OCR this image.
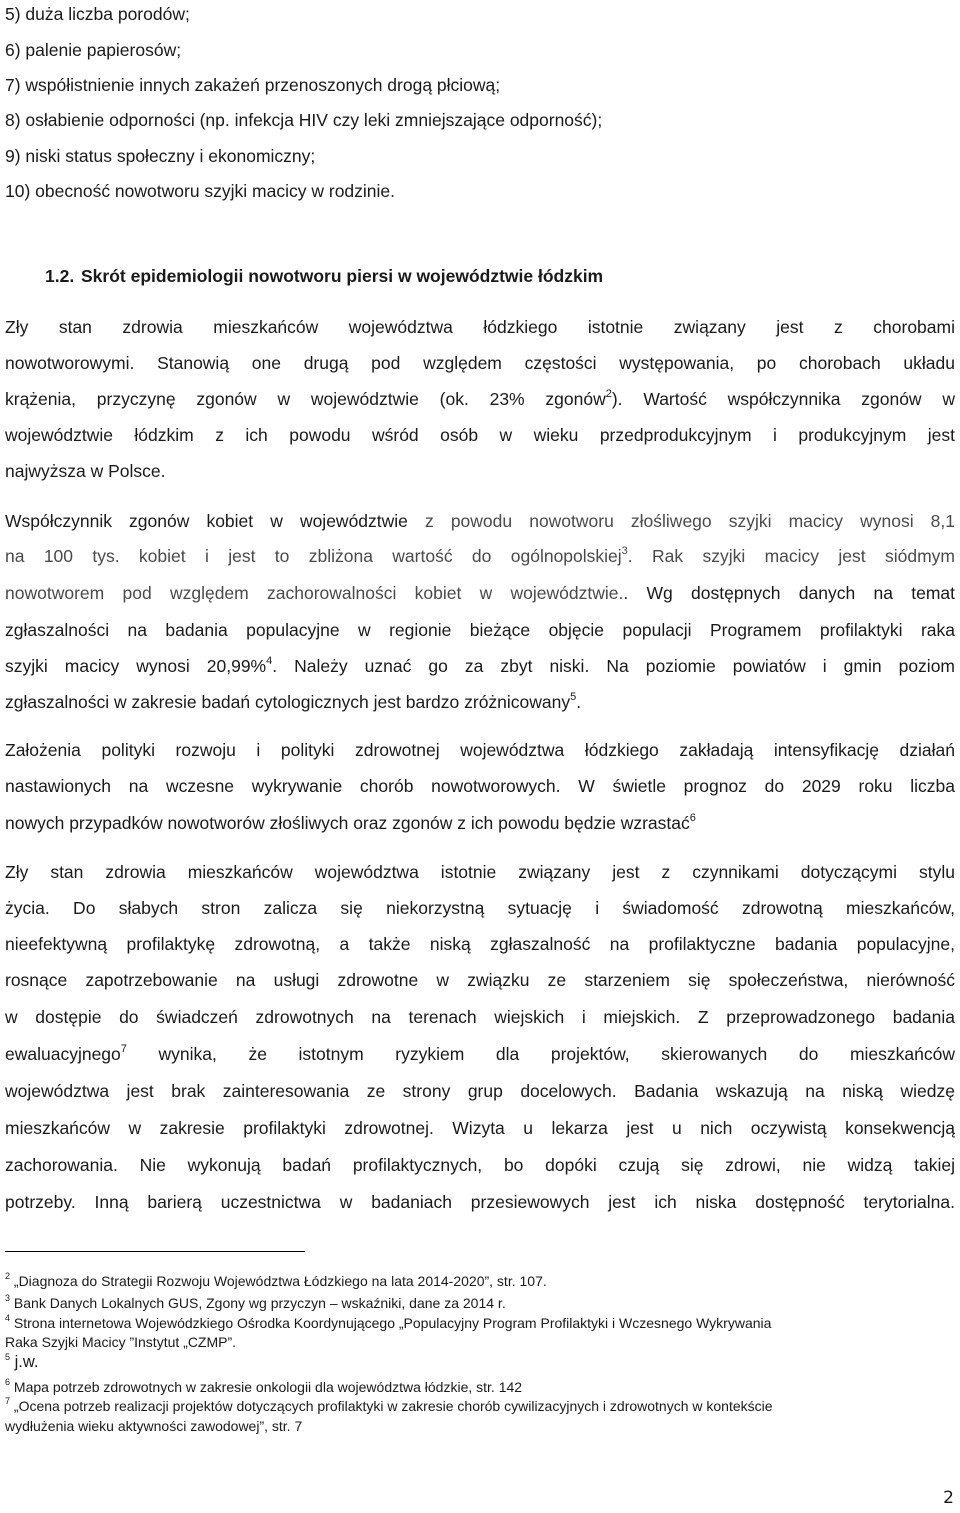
5) duża liczba porodów;
6) palenie papierosów;
7) współistnienie innych zakażeń przenoszonych drogą płciową;
8) osłabienie odporności (np. infekcja HIV czy leki zmniejszające odporność);
9) niski status społeczny i ekonomiczny;
10) obecność nowotworu szyjki macicy w rodzinie.
1.2. Skrót epidemiologii nowotworu piersi w województwie łódzkim
Zły stan zdrowia mieszkańców województwa łódzkiego istotnie związany jest z chorobami
nowotworowymi. Stanowią one drugą pod względem częstości występowania, po chorobach układu
krążenia, przyczynę zgonów w województwie (ok. 23% zgonów$^2$). Wartość współczynnika zgonów w
województwie łódzkim z ich powodu wśród osób w wieku przedprodukcyjnym i produkcyjnym jest
najwyższa w Polsce.
Współczynnik zgonów kobiet w województwie z powodu nowotworu złośliwego szyjki macicy wynosi 8,1
na 100 tys. kobiet i jest to zbliżona wartość do ogólnopolskiej$^3$. Rak szyjki macicy jest siódmym
nowotworem pod względem zachorowalności kobiet w województwie.. Wg dostępnych danych na temat
zgłaszalności na badania populacyjne w regionie bieżące objęcie populacji Programem profilaktyki raka
szyjki macicy wynosi 20,99%$^4$. Należy uznać go za zbyt niski. Na poziomie powiatów i gmin poziom
zgłaszalności w zakresie badań cytologicznych jest bardzo zróżnicowany$^5$.
Założenia polityki rozwoju i polityki zdrowotnej województwa łódzkiego zakładają intensyfikację działań
nastawionych na wczesne wykrywanie chorób nowotworowych. W świetle prognoz do 2029 roku liczba
nowych przypadków nowotworów złośliwych oraz zgonów z ich powodu będzie wzrastać$^6$
Zły stan zdrowia mieszkańców województwa istotnie związany jest z czynnikami dotyczącymi stylu
życia. Do słabych stron zalicza się niekorzystną sytuację i świadomość zdrowotną mieszkańców,
nieefektywną profilaktykę zdrowotną, a także niską zgłaszalność na profilaktyczne badania populacyjne,
rosnące zapotrzebowanie na usługi zdrowotne w związku ze starzeniem się społeczeństwa, nierówność
w dostępie do świadczeń zdrowotnych na terenach wiejskich i miejskich. Z przeprowadzonego badania
ewaluacyjnego$^7$ wynika, że istotnym ryzykiem dla projektów, skierowanych do mieszkańców
województwa jest brak zainteresowania ze strony grup docelowych. Badania wskazują na niską wiedzę
mieszkańców w zakresie profilaktyki zdrowotnej. Wizyta u lekarza jest u nich oczywistą konsekwencją
zachorowania. Nie wykonują badań profilaktycznych, bo dopóki czują się zdrowi, nie widzą takiej
potrzeby. Inną barierą uczestnictwa w badaniach przesiewowych jest ich niska dostępność terytorialna.
$^2$ „Diagnoza do Strategii Rozwoju Województwa Łódzkiego na lata 2014-2020”, str. 107.
$^3$ Bank Danych Lokalnych GUS, Zgony wg przyczyn – wskaźniki, dane za 2014 r.
$^4$ Strona internetowa Wojewódzkiego Ośrodka Koordynującego „Populacyjny Program Profilaktyki i Wczesnego Wykrywania
Raka Szyjki Macicy ”Instytut „CZMP”.
$^5$ j.w.
$^6$ Mapa potrzeb zdrowotnych w zakresie onkologii dla województwa łódzkie, str. 142
$^7$ „Ocena potrzeb realizacji projektów dotyczących profilaktyki w zakresie chorób cywilizacyjnych i zdrowotnych w kontekście
wydłużenia wieku aktywności zawodowej”, str. 7
2
